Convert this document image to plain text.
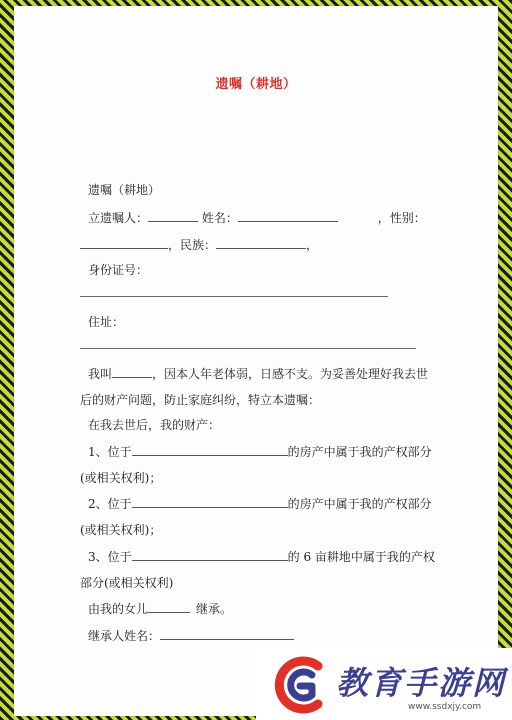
遗嘱（耕地）
遗嘱（耕地）
立遗嘱人：	姓名：	，性别：
，民族：	，
身份证号：
住址：
我叫	，因本人年老体弱，日感不支。为妥善处理好我去世
后的财产问题，防止家庭纠纷，特立本遗嘱：
在我去世后，我的财产：
1、位于	的房产中属于我的产权部分
(或相关权利)；
2、位于	的房产中属于我的产权部分
(或相关权利)；
3、位于	的 6 亩耕地中属于我的产权
部分(或相关权利)
由我的女儿	继承。
继承人姓名：
教育手游网
www.ssdxjy.com
